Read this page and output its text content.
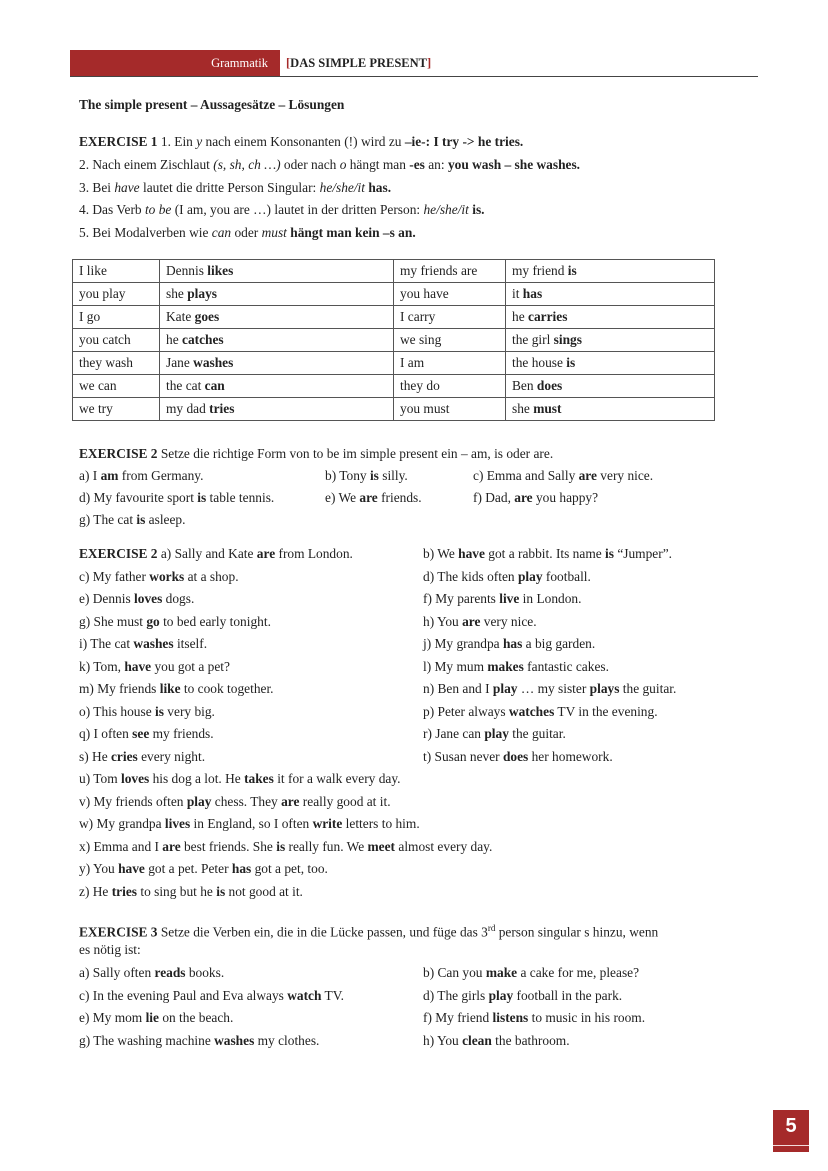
Grammatik [DAS SIMPLE PRESENT]
The simple present – Aussagesätze – Lösungen
EXERCISE 1 1. Ein y nach einem Konsonanten (!) wird zu –ie-: I try -> he tries.
2. Nach einem Zischlaut (s, sh, ch …) oder nach o hängt man -es an: you wash – she washes.
3. Bei have lautet die dritte Person Singular: he/she/it has.
4. Das Verb to be (I am, you are …) lautet in der dritten Person: he/she/it is.
5. Bei Modalverben wie can oder must hängt man kein –s an.
I like	Dennis likes	my friends are	my friend is
you play	she plays	you have	it has
I go	Kate goes	I carry	he carries
you catch	he catches	we sing	the girl sings
they wash	Jane washes	I am	the house is
we can	the cat can	they do	Ben does
we try	my dad tries	you must	she must
EXERCISE 2 Setze die richtige Form von to be im simple present ein – am, is oder are.
a) I am from Germany.	b) Tony is silly.	c) Emma and Sally are very nice.
d) My favourite sport is table tennis.	e) We are friends.	f) Dad, are you happy?
g) The cat is asleep.
EXERCISE 2 a) Sally and Kate are from London.	b) We have got a rabbit. Its name is “Jumper”.
c) My father works at a shop.	d) The kids often play football.
e) Dennis loves dogs.	f) My parents live in London.
g) She must go to bed early tonight.	h) You are very nice.
i) The cat washes itself.	j) My grandpa has a big garden.
k) Tom, have you got a pet?	l) My mum makes fantastic cakes.
m) My friends like to cook together.	n) Ben and I play … my sister plays the guitar.
o) This house is very big.	p) Peter always watches TV in the evening.
q) I often see my friends.	r) Jane can play the guitar.
s) He cries every night.	t) Susan never does her homework.
u) Tom loves his dog a lot. He takes it for a walk every day.
v) My friends often play chess. They are really good at it.
w) My grandpa lives in England, so I often write letters to him.
x) Emma and I are best friends. She is really fun. We meet almost every day.
y) You have got a pet. Peter has got a pet, too.
z) He tries to sing but he is not good at it.
EXERCISE 3 Setze die Verben ein, die in die Lücke passen, und füge das 3rd person singular s hinzu, wenn
es nötig ist:
a) Sally often reads books.	b) Can you make a cake for me, please?
c) In the evening Paul and Eva always watch TV.	d) The girls play football in the park.
e) My mom lie on the beach.	f) My friend listens to music in his room.
g) The washing machine washes my clothes.	h) You clean the bathroom.
5
